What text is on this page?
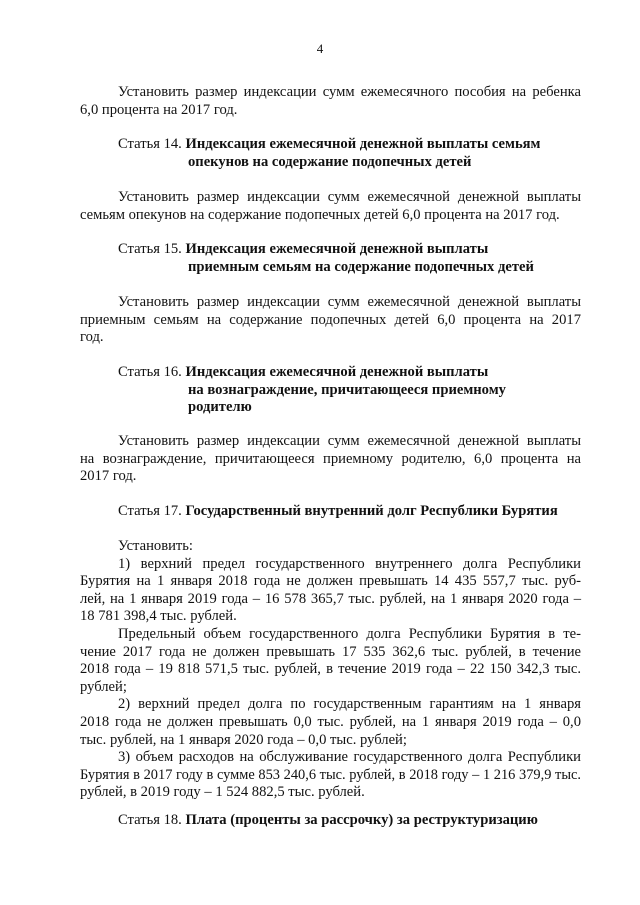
4
Установить размер индексации сумм ежемесячного пособия на ребенка
6,0 процента на 2017 год.
Статья 14. Индексация ежемесячной денежной выплаты семьям
опекунов на содержание подопечных детей
Установить размер индексации сумм ежемесячной денежной выплаты
семьям опекунов на содержание подопечных детей 6,0 процента на 2017 год.
Статья 15. Индексация ежемесячной денежной выплаты
приемным семьям на содержание подопечных детей
Установить размер индексации сумм ежемесячной денежной выплаты
приемным семьям на содержание подопечных детей 6,0 процента на 2017
год.
Статья 16. Индексация ежемесячной денежной выплаты
на вознаграждение, причитающееся приемному
родителю
Установить размер индексации сумм ежемесячной денежной выплаты
на вознаграждение, причитающееся приемному родителю, 6,0 процента на
2017 год.
Статья 17. Государственный внутренний долг Республики Бурятия
Установить:
1) верхний предел государственного внутреннего долга Республики
Бурятия на 1 января 2018 года не должен превышать 14 435 557,7 тыс. руб-
лей, на 1 января 2019 года – 16 578 365,7 тыс. рублей, на 1 января 2020 года –
18 781 398,4 тыс. рублей.
Предельный объем государственного долга Республики Бурятия в те-
чение 2017 года не должен превышать 17 535 362,6 тыс. рублей, в течение
2018 года – 19 818 571,5 тыс. рублей, в течение 2019 года – 22 150 342,3 тыс.
рублей;
2) верхний предел долга по государственным гарантиям на 1 января
2018 года не должен превышать 0,0 тыс. рублей, на 1 января 2019 года – 0,0
тыс. рублей, на 1 января 2020 года – 0,0 тыс. рублей;
3) объем расходов на обслуживание государственного долга Республики
Бурятия в 2017 году в сумме 853 240,6 тыс. рублей, в 2018 году – 1 216 379,9 тыс.
рублей, в 2019 году – 1 524 882,5 тыс. рублей.
Статья 18. Плата (проценты за рассрочку) за реструктуризацию
